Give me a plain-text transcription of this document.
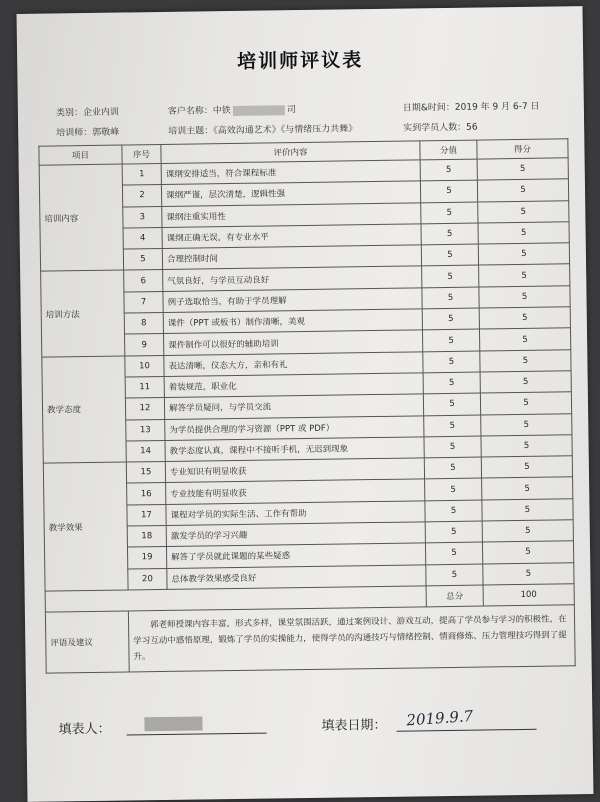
培训师评议表
类别：企业内训	客户名称：中铁	司	日期&时间：2019 年 9 月 6-7 日
培训师：郭敬峰	培训主题：《高效沟通艺术》《与情绪压力共舞》	实到学员人数：56
项目	序号	评价内容	分值	得分
培训内容	1	课纲安排适当，符合课程标准	5	5
	2	课纲严谨，层次清楚，逻辑性强	5	5
	3	课纲注重实用性	5	5
	4	课纲正确无误，有专业水平	5	5
	5	合理控制时间	5	5
培训方法	6	气氛良好，与学员互动良好	5	5
	7	例子选取恰当，有助于学员理解	5	5
	8	课件（PPT 或板书）制作清晰，美观	5	5
	9	课件制作可以很好的辅助培训	5	5
教学态度	10	表达清晰，仪态大方，亲和有礼	5	5
	11	着装规范，职业化	5	5
	12	解答学员疑问，与学员交流	5	5
	13	为学员提供合理的学习资源（PPT 或 PDF）	5	5
	14	教学态度认真，课程中不接听手机，无迟到现象	5	5
教学效果	15	专业知识有明显收获	5	5
	16	专业技能有明显收获	5	5
	17	课程对学员的实际生活、工作有帮助	5	5
	18	激发学员的学习兴趣	5	5
	19	解答了学员就此课题的某些疑惑	5	5
	20	总体教学效果感受良好	5	5
			总分	100
评语及建议	郭老师授课内容丰富，形式多样，课堂氛围活跃，通过案例设计、游戏互动，提高了学员参与学习的积极性，在学习互动中感悟原理，锻炼了学员的实操能力，使得学员的沟通技巧与情绪控制、情商修炼、压力管理技巧得到了提升。			
填表人：	填表日期： 2019.9.7
